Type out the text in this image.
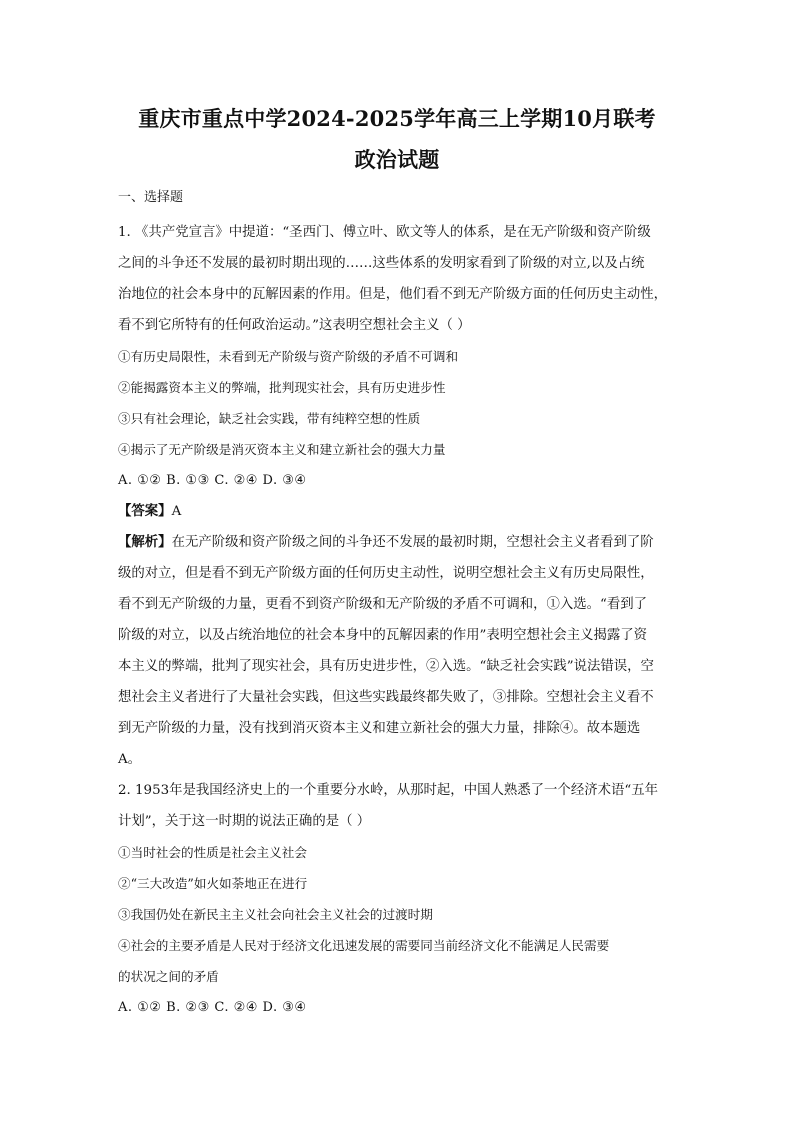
重庆市重点中学2024-2025学年高三上学期10月联考
政治试题

一、选择题

1. 《共产党宣言》中提道：“圣西门、傅立叶、欧文等人的体系，是在无产阶级和资产阶级

之间的斗争还不发展的最初时期出现的……这些体系的发明家看到了阶级的对立,以及占统

治地位的社会本身中的瓦解因素的作用。但是，他们看不到无产阶级方面的任何历史主动性，

看不到它所特有的任何政治运动。”这表明空想社会主义（ ）

①有历史局限性，未看到无产阶级与资产阶级的矛盾不可调和

②能揭露资本主义的弊端，批判现实社会，具有历史进步性

③只有社会理论，缺乏社会实践，带有纯粹空想的性质

④揭示了无产阶级是消灭资本主义和建立新社会的强大力量

A. ①② B. ①③ C. ②④ D. ③④

【答案】A

【解析】在无产阶级和资产阶级之间的斗争还不发展的最初时期，空想社会主义者看到了阶

级的对立，但是看不到无产阶级方面的任何历史主动性，说明空想社会主义有历史局限性，

看不到无产阶级的力量，更看不到资产阶级和无产阶级的矛盾不可调和，①入选。“看到了

阶级的对立，以及占统治地位的社会本身中的瓦解因素的作用”表明空想社会主义揭露了资

本主义的弊端，批判了现实社会，具有历史进步性，②入选。“缺乏社会实践”说法错误，空

想社会主义者进行了大量社会实践，但这些实践最终都失败了，③排除。空想社会主义看不

到无产阶级的力量，没有找到消灭资本主义和建立新社会的强大力量，排除④。故本题选

A。

2. 1953年是我国经济史上的一个重要分水岭，从那时起，中国人熟悉了一个经济术语“五年

计划”，关于这一时期的说法正确的是（ ）

①当时社会的性质是社会主义社会

②“三大改造”如火如荼地正在进行

③我国仍处在新民主主义社会向社会主义社会的过渡时期

④社会的主要矛盾是人民对于经济文化迅速发展的需要同当前经济文化不能满足人民需要

的状况之间的矛盾

A. ①② B. ②③ C. ②④ D. ③④
